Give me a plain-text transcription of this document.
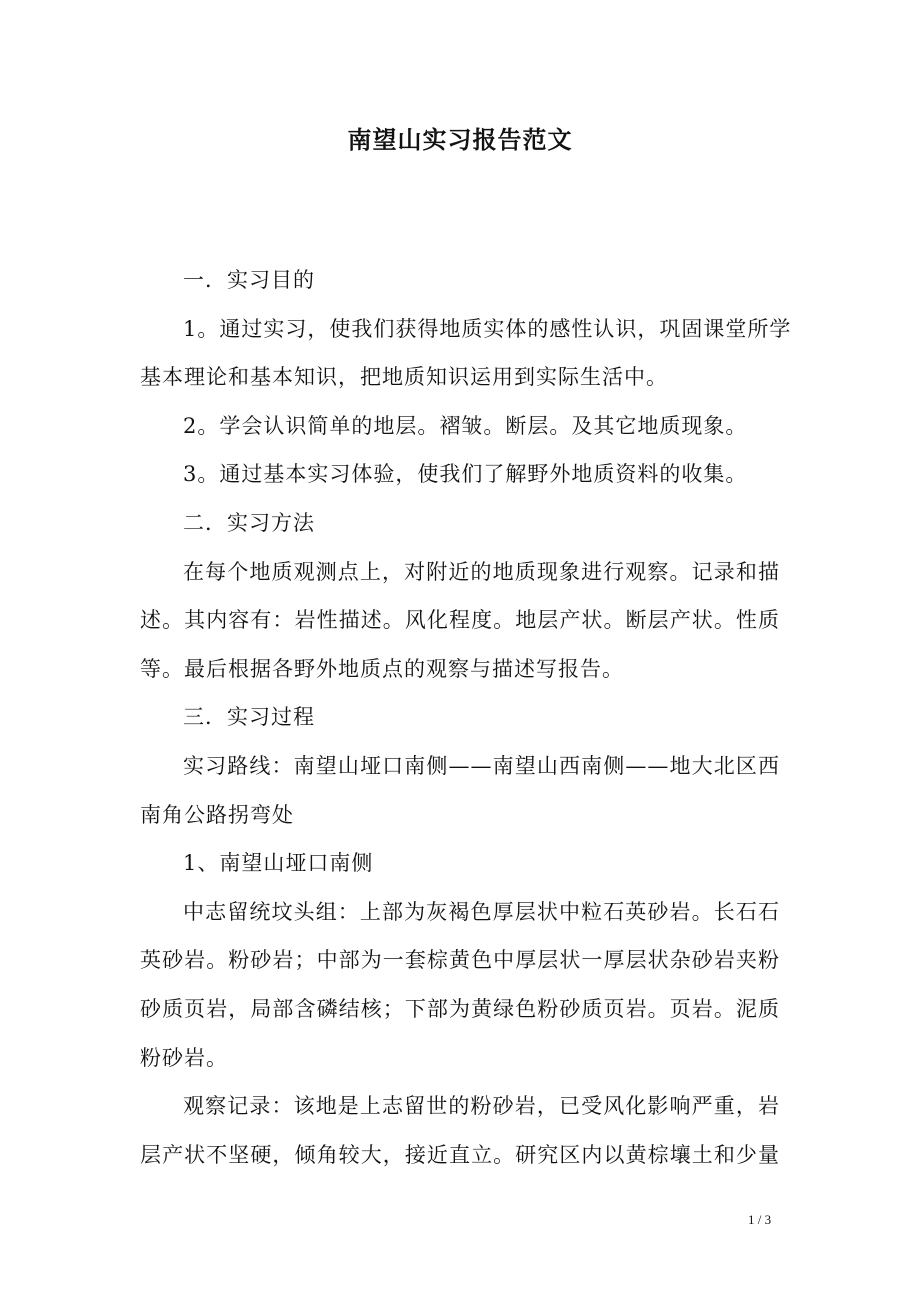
南望山实习报告范文
一．实习目的
1。通过实习，使我们获得地质实体的感性认识，巩固课堂所学
基本理论和基本知识，把地质知识运用到实际生活中。
2。学会认识简单的地层。褶皱。断层。及其它地质现象。
3。通过基本实习体验，使我们了解野外地质资料的收集。
二．实习方法
在每个地质观测点上，对附近的地质现象进行观察。记录和描
述。其内容有：岩性描述。风化程度。地层产状。断层产状。性质
等。最后根据各野外地质点的观察与描述写报告。
三．实习过程
实习路线：南望山垭口南侧——南望山西南侧——地大北区西
南角公路拐弯处
1、南望山垭口南侧
中志留统坟头组：上部为灰褐色厚层状中粒石英砂岩。长石石
英砂岩。粉砂岩；中部为一套棕黄色中厚层状一厚层状杂砂岩夹粉
砂质页岩，局部含磷结核；下部为黄绿色粉砂质页岩。页岩。泥质
粉砂岩。
观察记录：该地是上志留世的粉砂岩，已受风化影响严重，岩
层产状不坚硬，倾角较大，接近直立。研究区内以黄棕壤土和少量
1 / 3
